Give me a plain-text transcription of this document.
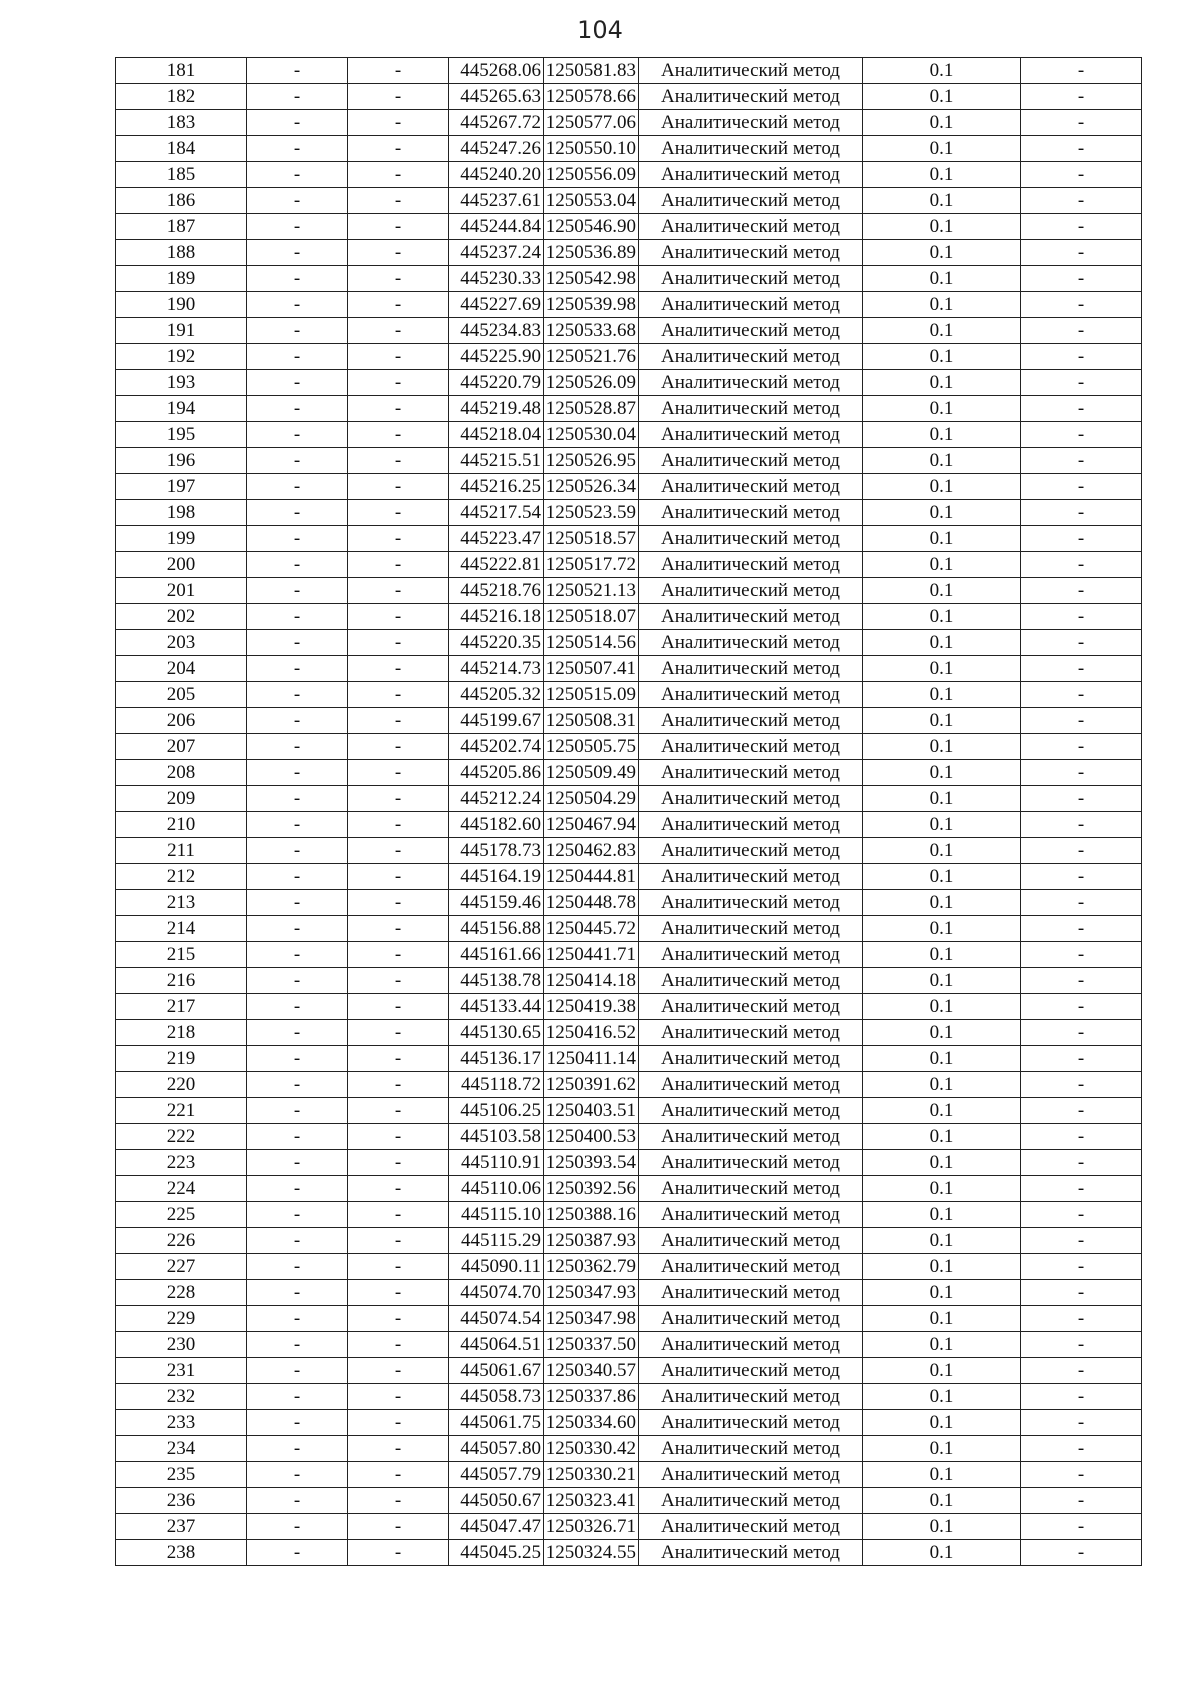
104
181	-	-	445268.06	1250581.83	Аналитический метод	0.1	-
182	-	-	445265.63	1250578.66	Аналитический метод	0.1	-
183	-	-	445267.72	1250577.06	Аналитический метод	0.1	-
184	-	-	445247.26	1250550.10	Аналитический метод	0.1	-
185	-	-	445240.20	1250556.09	Аналитический метод	0.1	-
186	-	-	445237.61	1250553.04	Аналитический метод	0.1	-
187	-	-	445244.84	1250546.90	Аналитический метод	0.1	-
188	-	-	445237.24	1250536.89	Аналитический метод	0.1	-
189	-	-	445230.33	1250542.98	Аналитический метод	0.1	-
190	-	-	445227.69	1250539.98	Аналитический метод	0.1	-
191	-	-	445234.83	1250533.68	Аналитический метод	0.1	-
192	-	-	445225.90	1250521.76	Аналитический метод	0.1	-
193	-	-	445220.79	1250526.09	Аналитический метод	0.1	-
194	-	-	445219.48	1250528.87	Аналитический метод	0.1	-
195	-	-	445218.04	1250530.04	Аналитический метод	0.1	-
196	-	-	445215.51	1250526.95	Аналитический метод	0.1	-
197	-	-	445216.25	1250526.34	Аналитический метод	0.1	-
198	-	-	445217.54	1250523.59	Аналитический метод	0.1	-
199	-	-	445223.47	1250518.57	Аналитический метод	0.1	-
200	-	-	445222.81	1250517.72	Аналитический метод	0.1	-
201	-	-	445218.76	1250521.13	Аналитический метод	0.1	-
202	-	-	445216.18	1250518.07	Аналитический метод	0.1	-
203	-	-	445220.35	1250514.56	Аналитический метод	0.1	-
204	-	-	445214.73	1250507.41	Аналитический метод	0.1	-
205	-	-	445205.32	1250515.09	Аналитический метод	0.1	-
206	-	-	445199.67	1250508.31	Аналитический метод	0.1	-
207	-	-	445202.74	1250505.75	Аналитический метод	0.1	-
208	-	-	445205.86	1250509.49	Аналитический метод	0.1	-
209	-	-	445212.24	1250504.29	Аналитический метод	0.1	-
210	-	-	445182.60	1250467.94	Аналитический метод	0.1	-
211	-	-	445178.73	1250462.83	Аналитический метод	0.1	-
212	-	-	445164.19	1250444.81	Аналитический метод	0.1	-
213	-	-	445159.46	1250448.78	Аналитический метод	0.1	-
214	-	-	445156.88	1250445.72	Аналитический метод	0.1	-
215	-	-	445161.66	1250441.71	Аналитический метод	0.1	-
216	-	-	445138.78	1250414.18	Аналитический метод	0.1	-
217	-	-	445133.44	1250419.38	Аналитический метод	0.1	-
218	-	-	445130.65	1250416.52	Аналитический метод	0.1	-
219	-	-	445136.17	1250411.14	Аналитический метод	0.1	-
220	-	-	445118.72	1250391.62	Аналитический метод	0.1	-
221	-	-	445106.25	1250403.51	Аналитический метод	0.1	-
222	-	-	445103.58	1250400.53	Аналитический метод	0.1	-
223	-	-	445110.91	1250393.54	Аналитический метод	0.1	-
224	-	-	445110.06	1250392.56	Аналитический метод	0.1	-
225	-	-	445115.10	1250388.16	Аналитический метод	0.1	-
226	-	-	445115.29	1250387.93	Аналитический метод	0.1	-
227	-	-	445090.11	1250362.79	Аналитический метод	0.1	-
228	-	-	445074.70	1250347.93	Аналитический метод	0.1	-
229	-	-	445074.54	1250347.98	Аналитический метод	0.1	-
230	-	-	445064.51	1250337.50	Аналитический метод	0.1	-
231	-	-	445061.67	1250340.57	Аналитический метод	0.1	-
232	-	-	445058.73	1250337.86	Аналитический метод	0.1	-
233	-	-	445061.75	1250334.60	Аналитический метод	0.1	-
234	-	-	445057.80	1250330.42	Аналитический метод	0.1	-
235	-	-	445057.79	1250330.21	Аналитический метод	0.1	-
236	-	-	445050.67	1250323.41	Аналитический метод	0.1	-
237	-	-	445047.47	1250326.71	Аналитический метод	0.1	-
238	-	-	445045.25	1250324.55	Аналитический метод	0.1	-
